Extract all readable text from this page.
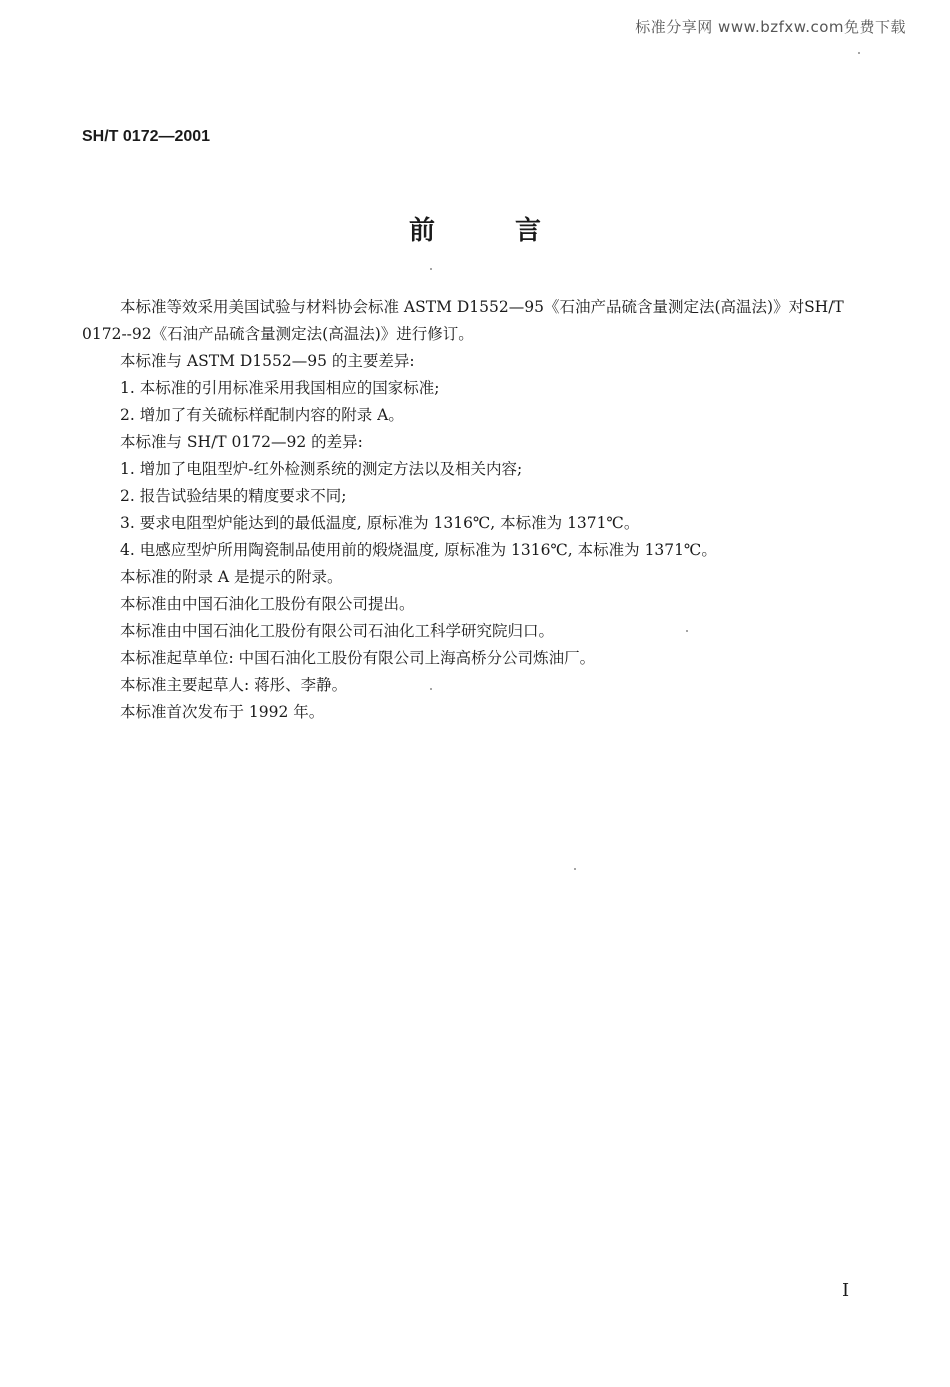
标准分享网 www.bzfxw.com免费下载
SH/T 0172—2001
前言

本标准等效采用美国试验与材料协会标准 ASTM D1552—95《石油产品硫含量测定法(高温法)》对SH/T 0172--92《石油产品硫含量测定法(高温法)》进行修订。

本标准与 ASTM D1552—95 的主要差异:

1. 本标准的引用标准采用我国相应的国家标准;

2. 增加了有关硫标样配制内容的附录 A。

本标准与 SH/T 0172—92 的差异:

1. 增加了电阻型炉-红外检测系统的测定方法以及相关内容;

2. 报告试验结果的精度要求不同;

3. 要求电阻型炉能达到的最低温度, 原标准为 1316℃, 本标准为 1371℃。

4. 电感应型炉所用陶瓷制品使用前的煅烧温度, 原标准为 1316℃, 本标准为 1371℃。

本标准的附录 A 是提示的附录。

本标准由中国石油化工股份有限公司提出。

本标准由中国石油化工股份有限公司石油化工科学研究院归口。

本标准起草单位: 中国石油化工股份有限公司上海高桥分公司炼油厂。

本标准主要起草人: 蒋彤、李静。

本标准首次发布于 1992 年。

I
